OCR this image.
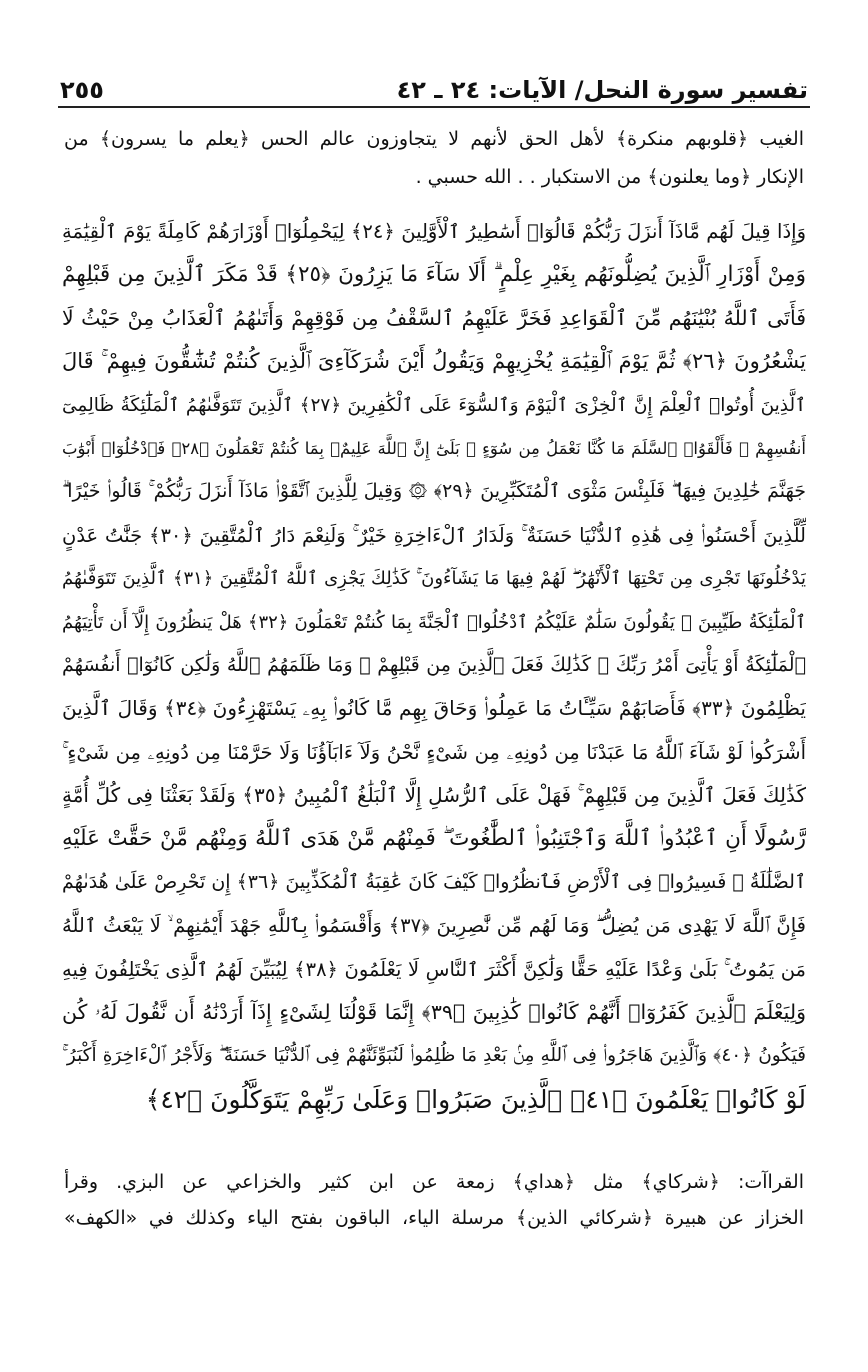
تفسير سورة النحل/ الآيات: ٢٤ ـ ٤٢
٢٥٥
الغيب ﴿قلوبهم منكرة﴾ لأهل الحق لأنهم لا يتجاوزون عالم الحس ﴿يعلم ما يسرون﴾ من
الإنكار ﴿وما يعلنون﴾ من الاستكبار . . الله حسبي .
وَإِذَا قِيلَ لَهُم مَّاذَآ أَنزَلَ رَبُّكُمْ قَالُوٓا۟ أَسَٰطِيرُ ٱلْأَوَّلِينَ ﴿٢٤﴾ لِيَحْمِلُوٓا۟ أَوْزَارَهُمْ كَامِلَةً يَوْمَ ٱلْقِيَٰمَةِ
وَمِنْ أَوْزَارِ ٱلَّذِينَ يُضِلُّونَهُم بِغَيْرِ عِلْمٍ ۗ أَلَا سَآءَ مَا يَزِرُونَ ﴿٢٥﴾ قَدْ مَكَرَ ٱلَّذِينَ مِن قَبْلِهِمْ
فَأَتَى ٱللَّهُ بُنْيَٰنَهُم مِّنَ ٱلْقَوَاعِدِ فَخَرَّ عَلَيْهِمُ ٱلسَّقْفُ مِن فَوْقِهِمْ وَأَتَىٰهُمُ ٱلْعَذَابُ مِنْ حَيْثُ لَا
يَشْعُرُونَ ﴿٢٦﴾ ثُمَّ يَوْمَ ٱلْقِيَٰمَةِ يُخْزِيهِمْ وَيَقُولُ أَيْنَ شُرَكَآءِىَ ٱلَّذِينَ كُنتُمْ تُشَٰٓقُّونَ فِيهِمْ ۚ قَالَ
ٱلَّذِينَ أُوتُوا۟ ٱلْعِلْمَ إِنَّ ٱلْخِزْىَ ٱلْيَوْمَ وَٱلسُّوٓءَ عَلَى ٱلْكَٰفِرِينَ ﴿٢٧﴾ ٱلَّذِينَ تَتَوَفَّىٰهُمُ ٱلْمَلَٰٓئِكَةُ ظَالِمِىٓ
أَنفُسِهِمْ ۖ فَأَلْقَوُا۟ ٱلسَّلَمَ مَا كُنَّا نَعْمَلُ مِن سُوٓءٍ ۚ بَلَىٰٓ إِنَّ ٱللَّهَ عَلِيمٌۢ بِمَا كُنتُمْ تَعْمَلُونَ ﴿٢٨﴾ فَٱدْخُلُوٓا۟ أَبْوَٰبَ
جَهَنَّمَ خَٰلِدِينَ فِيهَا ۖ فَلَبِئْسَ مَثْوَى ٱلْمُتَكَبِّرِينَ ﴿٢٩﴾ ۞ وَقِيلَ لِلَّذِينَ ٱتَّقَوْا۟ مَاذَآ أَنزَلَ رَبُّكُمْ ۚ قَالُوا۟ خَيْرًا ۗ
لِّلَّذِينَ أَحْسَنُوا۟ فِى هَٰذِهِ ٱلدُّنْيَا حَسَنَةٌ ۚ وَلَدَارُ ٱلْءَاخِرَةِ خَيْرٌ ۚ وَلَنِعْمَ دَارُ ٱلْمُتَّقِينَ ﴿٣٠﴾ جَنَّٰتُ عَدْنٍ
يَدْخُلُونَهَا تَجْرِى مِن تَحْتِهَا ٱلْأَنْهَٰرُ ۖ لَهُمْ فِيهَا مَا يَشَآءُونَ ۚ كَذَٰلِكَ يَجْزِى ٱللَّهُ ٱلْمُتَّقِينَ ﴿٣١﴾ ٱلَّذِينَ تَتَوَفَّىٰهُمُ
ٱلْمَلَٰٓئِكَةُ طَيِّبِينَ ۙ يَقُولُونَ سَلَٰمٌ عَلَيْكُمُ ٱدْخُلُوا۟ ٱلْجَنَّةَ بِمَا كُنتُمْ تَعْمَلُونَ ﴿٣٢﴾ هَلْ يَنظُرُونَ إِلَّآ أَن تَأْتِيَهُمُ
ٱلْمَلَٰٓئِكَةُ أَوْ يَأْتِىَ أَمْرُ رَبِّكَ ۚ كَذَٰلِكَ فَعَلَ ٱلَّذِينَ مِن قَبْلِهِمْ ۚ وَمَا ظَلَمَهُمُ ٱللَّهُ وَلَٰكِن كَانُوٓا۟ أَنفُسَهُمْ
يَظْلِمُونَ ﴿٣٣﴾ فَأَصَابَهُمْ سَيِّـَٔاتُ مَا عَمِلُوا۟ وَحَاقَ بِهِم مَّا كَانُوا۟ بِهِۦ يَسْتَهْزِءُونَ ﴿٣٤﴾ وَقَالَ ٱلَّذِينَ
أَشْرَكُوا۟ لَوْ شَآءَ ٱللَّهُ مَا عَبَدْنَا مِن دُونِهِۦ مِن شَىْءٍ نَّحْنُ وَلَآ ءَابَآؤُنَا وَلَا حَرَّمْنَا مِن دُونِهِۦ مِن شَىْءٍ ۚ
كَذَٰلِكَ فَعَلَ ٱلَّذِينَ مِن قَبْلِهِمْ ۚ فَهَلْ عَلَى ٱلرُّسُلِ إِلَّا ٱلْبَلَٰغُ ٱلْمُبِينُ ﴿٣٥﴾ وَلَقَدْ بَعَثْنَا فِى كُلِّ أُمَّةٍ
رَّسُولًا أَنِ ٱعْبُدُوا۟ ٱللَّهَ وَٱجْتَنِبُوا۟ ٱلطَّٰغُوتَ ۖ فَمِنْهُم مَّنْ هَدَى ٱللَّهُ وَمِنْهُم مَّنْ حَقَّتْ عَلَيْهِ
ٱلضَّلَٰلَةُ ۚ فَسِيرُوا۟ فِى ٱلْأَرْضِ فَٱنظُرُوا۟ كَيْفَ كَانَ عَٰقِبَةُ ٱلْمُكَذِّبِينَ ﴿٣٦﴾ إِن تَحْرِصْ عَلَىٰ هُدَىٰهُمْ
فَإِنَّ ٱللَّهَ لَا يَهْدِى مَن يُضِلُّ ۖ وَمَا لَهُم مِّن نَّٰصِرِينَ ﴿٣٧﴾ وَأَقْسَمُوا۟ بِٱللَّهِ جَهْدَ أَيْمَٰنِهِمْ ۙ لَا يَبْعَثُ ٱللَّهُ
مَن يَمُوتُ ۚ بَلَىٰ وَعْدًا عَلَيْهِ حَقًّا وَلَٰكِنَّ أَكْثَرَ ٱلنَّاسِ لَا يَعْلَمُونَ ﴿٣٨﴾ لِيُبَيِّنَ لَهُمُ ٱلَّذِى يَخْتَلِفُونَ فِيهِ
وَلِيَعْلَمَ ٱلَّذِينَ كَفَرُوٓا۟ أَنَّهُمْ كَانُوا۟ كَٰذِبِينَ ﴿٣٩﴾ إِنَّمَا قَوْلُنَا لِشَىْءٍ إِذَآ أَرَدْنَٰهُ أَن نَّقُولَ لَهُۥ كُن
فَيَكُونُ ﴿٤٠﴾ وَٱلَّذِينَ هَاجَرُوا۟ فِى ٱللَّهِ مِنۢ بَعْدِ مَا ظُلِمُوا۟ لَنُبَوِّئَنَّهُمْ فِى ٱلدُّنْيَا حَسَنَةً ۖ وَلَأَجْرُ ٱلْءَاخِرَةِ أَكْبَرُ ۚ
لَوْ كَانُوا۟ يَعْلَمُونَ ﴿٤١﴾ ٱلَّذِينَ صَبَرُوا۟ وَعَلَىٰ رَبِّهِمْ يَتَوَكَّلُونَ ﴿٤٢﴾
القراآت: ﴿شركاي﴾ مثل ﴿هداي﴾ زمعة عن ابن كثير والخزاعي عن البزي. وقرأ
الخزاز عن هبيرة ﴿شركائي الذين﴾ مرسلة الياء، الباقون بفتح الياء وكذلك في «الكهف»
